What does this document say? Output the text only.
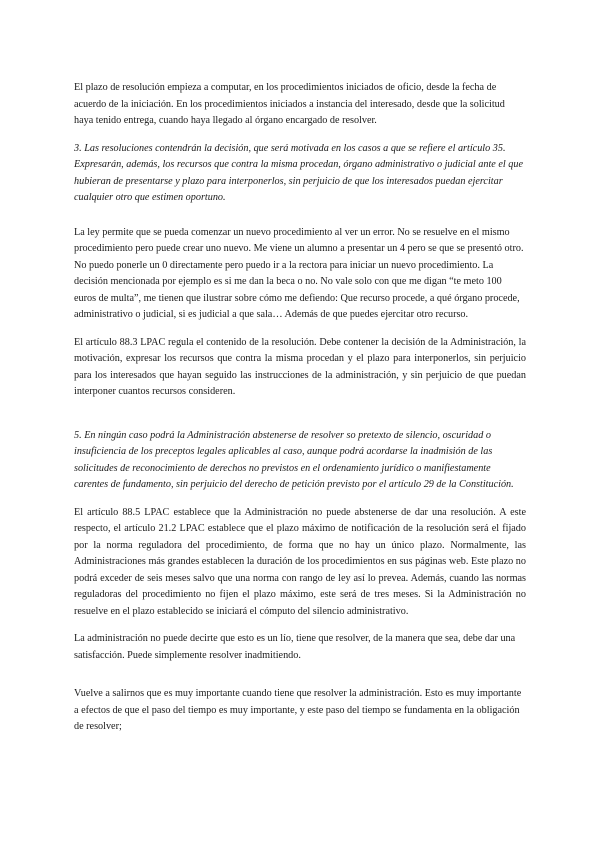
El plazo de resolución empieza a computar, en los procedimientos iniciados de oficio, desde la fecha de acuerdo de la iniciación. En los procedimientos iniciados a instancia del interesado, desde que la solicitud haya tenido entrega, cuando haya llegado al órgano encargado de resolver.

3. Las resoluciones contendrán la decisión, que será motivada en los casos a que se refiere el artículo 35. Expresarán, además, los recursos que contra la misma procedan, órgano administrativo o judicial ante el que hubieran de presentarse y plazo para interponerlos, sin perjuicio de que los interesados puedan ejercitar cualquier otro que estimen oportuno.

La ley permite que se pueda comenzar un nuevo procedimiento al ver un error. No se resuelve en el mismo procedimiento pero puede crear uno nuevo. Me viene un alumno a presentar un 4 pero se que se presentó otro. No puedo ponerle un 0 directamente pero puedo ir a la rectora para iniciar un nuevo procedimiento. La decisión mencionada por ejemplo es si me dan la beca o no. No vale solo con que me digan “te meto 100 euros de multa”, me tienen que ilustrar sobre cómo me defiendo: Que recurso procede, a qué órgano procede, administrativo o judicial, si es judicial a que sala… Además de que puedes ejercitar otro recurso.

El artículo 88.3 LPAC regula el contenido de la resolución. Debe contener la decisión de la Administración, la motivación, expresar los recursos que contra la misma procedan y el plazo para interponerlos, sin perjuicio para los interesados que hayan seguido las instrucciones de la administración, y sin perjuicio de que puedan interponer cuantos recursos consideren.

5. En ningún caso podrá la Administración abstenerse de resolver so pretexto de silencio, oscuridad o insuficiencia de los preceptos legales aplicables al caso, aunque podrá acordarse la inadmisión de las solicitudes de reconocimiento de derechos no previstos en el ordenamiento jurídico o manifiestamente carentes de fundamento, sin perjuicio del derecho de petición previsto por el artículo 29 de la Constitución.

El artículo 88.5 LPAC establece que la Administración no puede abstenerse de dar una resolución. A este respecto, el artículo 21.2 LPAC establece que el plazo máximo de notificación de la resolución será el fijado por la norma reguladora del procedimiento, de forma que no hay un único plazo. Normalmente, las Administraciones más grandes establecen la duración de los procedimientos en sus páginas web. Este plazo no podrá exceder de seis meses salvo que una norma con rango de ley así lo prevea. Además, cuando las normas reguladoras del procedimiento no fijen el plazo máximo, este será de tres meses. Si la Administración no resuelve en el plazo establecido se iniciará el cómputo del silencio administrativo.

La administración no puede decirte que esto es un lío, tiene que resolver, de la manera que sea, debe dar una satisfacción. Puede simplemente resolver inadmitiendo.

Vuelve a salirnos que es muy importante cuando tiene que resolver la administración. Esto es muy importante a efectos de que el paso del tiempo es muy importante, y este paso del tiempo se fundamenta en la obligación de resolver;
